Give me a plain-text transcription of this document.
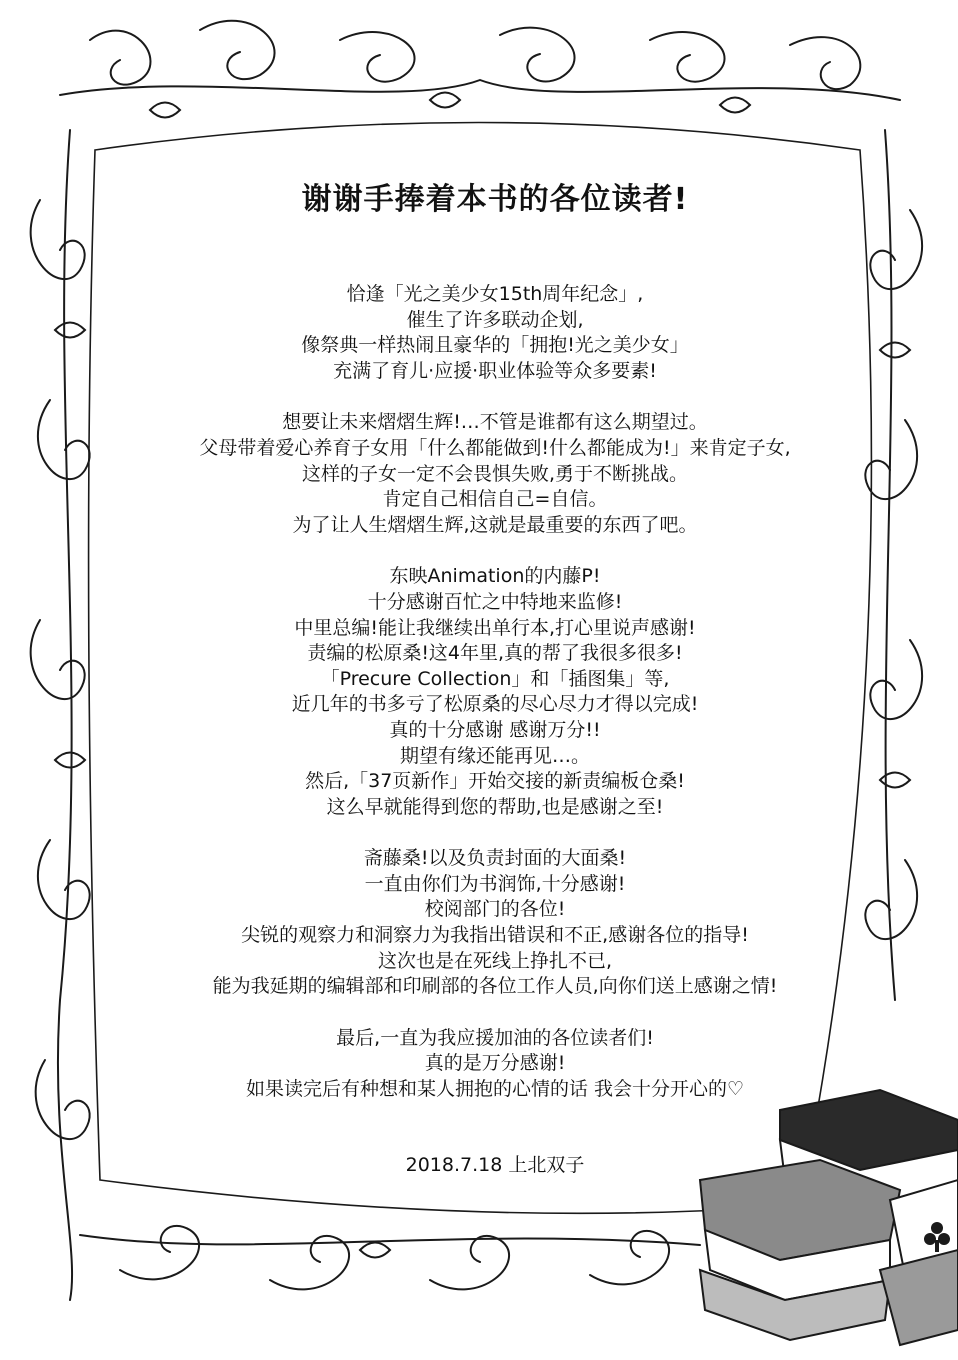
谢谢手捧着本书的各位读者!
恰逢「光之美少女15th周年纪念」,
催生了许多联动企划,
像祭典一样热闹且豪华的「拥抱!光之美少女」
充满了育儿·应援·职业体验等众多要素!
想要让未来熠熠生辉!…不管是谁都有这么期望过。
父母带着爱心养育子女用「什么都能做到!什么都能成为!」来肯定子女,
这样的子女一定不会畏惧失败,勇于不断挑战。
肯定自己相信自己=自信。
为了让人生熠熠生辉,这就是最重要的东西了吧。
东映Animation的内藤P!
十分感谢百忙之中特地来监修!
中里总编!能让我继续出单行本,打心里说声感谢!
责编的松原桑!这4年里,真的帮了我很多很多!
「Precure Collection」和「插图集」等,
近几年的书多亏了松原桑的尽心尽力才得以完成!
真的十分感谢 感谢万分!!
期望有缘还能再见…。
然后,「37页新作」开始交接的新责编板仓桑!
这么早就能得到您的帮助,也是感谢之至!
斋藤桑!以及负责封面的大面桑!
一直由你们为书润饰,十分感谢!
校阅部门的各位!
尖锐的观察力和洞察力为我指出错误和不正,感谢各位的指导!
这次也是在死线上挣扎不已,
能为我延期的编辑部和印刷部的各位工作人员,向你们送上感谢之情!
最后,一直为我应援加油的各位读者们!
真的是万分感谢!
如果读完后有种想和某人拥抱的心情的话 我会十分开心的♡
2018.7.18 上北双子
